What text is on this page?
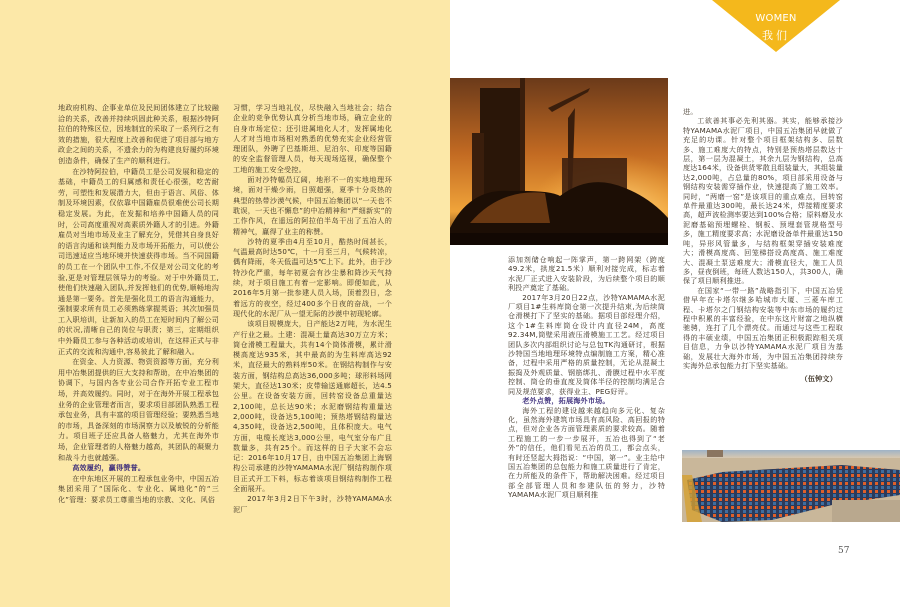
地政府机构、企事业单位及民间团体建立了比较融洽的关系，改善并持续巩固此种关系，根据沙特阿拉伯的特殊区位，因地制宜的采取了一系列行之有效的措施，很大程度上改善和促进了项目部与地方政企之间的关系，不遗余力的为构建良好履约环境创造条件，确保了生产的顺利进行。

在沙特阿拉伯，中籍员工是公司发展和稳定的基础，中籍员工的归属感和责任心很强，吃苦耐劳，可塑性和发展潜力大，但由于语言、风俗、体制及环境因素，仅依靠中国籍雇员很难使公司长期稳定发展。为此，在发掘和培养中国籍人员的同时，公司高度重视对高素质外籍人才的引进。外籍雇员对当地市场及业主了解充分，凭借其自身良好的语言沟通和谈判能力及市场开拓能力，可以使公司迅速适应当地环境并快速获得市场。当不同国籍的员工在一个团队中工作,不仅是对公司文化的考验,更是对管理层领导力的考验。对于中外籍员工,使他们快速融入团队,并发挥他们的优势,顺畅地沟通是第一要务。首先是强化员工的语言沟通能力，强制要求所有员工必须熟练掌握英语；其次加强员工入职培训，让新加入的员工在短时间内了解公司的状况,清晰自己的岗位与职责；第三，定期组织中外籍员工参与各种活动或培训，在这样正式与非正式的交流和沟通中,容易彼此了解和融入。

在资金、人力资源、物资资源等方面，充分利用中冶集团提供的巨大支持和帮助，在中冶集团的协调下，与国内各专业公司合作开拓专业工程市场，并高效履约。同时，对于在海外开展工程承包业务的企业管理者而言，要求项目部团队熟悉工程承包业务，具有丰富的项目管理经验；要熟悉当地的市场，具备深刻的市场洞察力以及敏锐的分析能力。项目班子还应具备人格魅力，尤其在海外市场，企业管理者的人格魅力越高，其团队的凝聚力和战斗力也就越强。

高效履约，赢得赞誉。

在中东地区开展的工程承包业务中，中国五冶集团采用了“国际化、专业化、属地化”的“三化”管理：要求员工尊重当地的宗教、文化、风俗

习惯，学习当地礼仪，尽快融入当地社会；结合企业的竞争优势认真分析当地市场，确立企业的自身市场定位；还引进属地化人才，发挥属地化人才对当地市场相对熟悉的优势充实企业经营管理团队，外聘了巴基斯坦、尼泊尔、印度等国籍的安全监督管理人员，每天现场巡视，确保整个工地的施工安全受控。

面对沙特幅员辽阔，地形不一的实地地理环境，面对干燥少雨，日照超强，夏季十分炎热的典型的热带沙漠气候，中国五冶集团以“一天也不耽误，一天也不懈怠”的中冶精神和“严细新实”的工作作风，在遥远的阿拉伯半岛干出了五冶人的精神气，赢得了业主的称赞。

沙特的夏季由4月至10月，酷热时间甚长，气温最高时达50℃，十一月至三月，气候转凉，偶有降雨，冬天低温可达5℃上下。此外，由于沙特沙化严重，每年初夏会有沙尘暴和降沙天气持续，对于项目施工有着一定影响。即便如此，从2016年5月第一批参建人员入场，顶着烈日，念着远方的夜空，经过400多个日夜的奋战，一个现代化的水泥厂从一望无际的沙漠中初现轮廓。

该项目规模庞大，日产能达2万吨，为水泥生产行业之最。土建：混凝土量高达30万立方米；筒仓滑模工程量大，共有14个筒体滑模，累计滑模高度达935米，其中最高的为生料库高达92米，直径最大的熟料库50米。在钢结构制作与安装方面，钢结构总高达36,000多吨；球形料场网架大，直径达130米；皮带输送通廊超长，达4.5公里。在设备安装方面，回转窑设备总重量达2,100吨，总长达90米；水泥磨钢结构重量达2,000吨，设备达5,100吨；预热塔钢结构量达4,350吨，设备达2,500吨，且体积庞大。电气方面，电缆长度达3,000公里，电气室分布广且数量多，共有25个。而这样的日子大家不会忘记：2016年10月17日，由中国五冶集团上海钢构公司承建的沙特YAMAMA水泥厂钢结构制作项目正式开工下料，标志着该项目钢结构制作工程全面展开。

2017年3月2日下午3时，沙特YAMAMA水泥厂

添加剂储仓响起一阵掌声，第一跨网架（跨度49.2米，拱度21.5米）顺利对接完成，标志着水泥厂正式进入安装阶段，为后续整个项目的顺利投产奠定了基础。

2017年3月20日22点，沙特YAMAMA水泥厂项目1#生料库筒仓第一次提升结束,为后续筒仓滑模打下了坚实的基础。据项目部经理介绍，这个1#生料库筒仓设计内直径24M，高度92.34M,筒壁采用液压滑模施工工艺。经过项目团队多次内部组织讨论与总包TK沟通研讨，根据沙特国当地地理环境特点编制施工方案，精心准备，过程中采用严格的质量控制，无论从混凝土振捣及外观质量、钢筋绑扎、滑膜过程中水平度控制、筒仓的垂直度及筒体半径的控制均满足合同及规范要求，获得业主、PEG好评。

老外点赞，拓展海外市场。

海外工程的建设越来越趋向多元化、复杂化，虽然海外建筑市场具有高风险、高回报的特点，但对企业各方面管理素质的要求较高。随着工程施工的一步一步展开，五冶也得到了“老外”的信任，他们看见五冶的员工，都会点头，有时还竖起大拇指说：“中国，第一”。业主给中国五冶集团的总包能力和施工质量进行了肯定，在力所能及的条件下，帮助解决困难。经过项目部全部管理人员和参建队伍的努力，沙特YAMAMA水泥厂项目顺利推

进。

工欲善其事必先利其器。其实，能够承接沙特YAMAMA水泥厂项目，中国五冶集团早就做了充足的功课。针对整个项目框架结构多、层数多、施工难度大的特点，特别是预热塔层数达十层，第一层为混凝土，其余九层为钢结构，总高度达164米，设备供货零散且组装量大，其组装量达2,000吨，占总量的80%，项目部采用设备与钢结构安装需穿插作业，快速提高了施工效率。同时，“两磨一窑”是该项目的重点难点，回转窑单件最重达300吨，最长达24米，焊接精度要求高，超声波检测率要达到100%合格；原料磨及水泥磨基础预埋螺栓、钢板、预埋套管规格型号多，施工精度要求高；水泥磨设备单件最重达150吨，异形风管量多，与结构框架穿插安装难度大；滑模高度高、回笼梯搭设高度高、施工难度大、混凝土泵送难度大；滑模直径大，施工人员多，昼夜倒班，每班人数达150人，共300人，确保了项目顺利推进。

在国家“一带一路”战略指引下，中国五冶凭借早年在卡塔尔继多哈城市大厦、三菱车库工程、卡塔尔之门钢结构安装等中东市场的履约过程中积累的丰富经验，在中东这片财富之地纵横驰骋，连打了几个漂亮仗。而通过与这些工程取得的丰硕业绩，中国五冶集团正积极跟踪相关项目信息，力争以沙特YAMAMA水泥厂项目为基础，发展壮大海外市场，为中国五冶集团持续夯实海外总承包能力打下坚实基础。

（伍钟文）

WOMEN
我们
57
